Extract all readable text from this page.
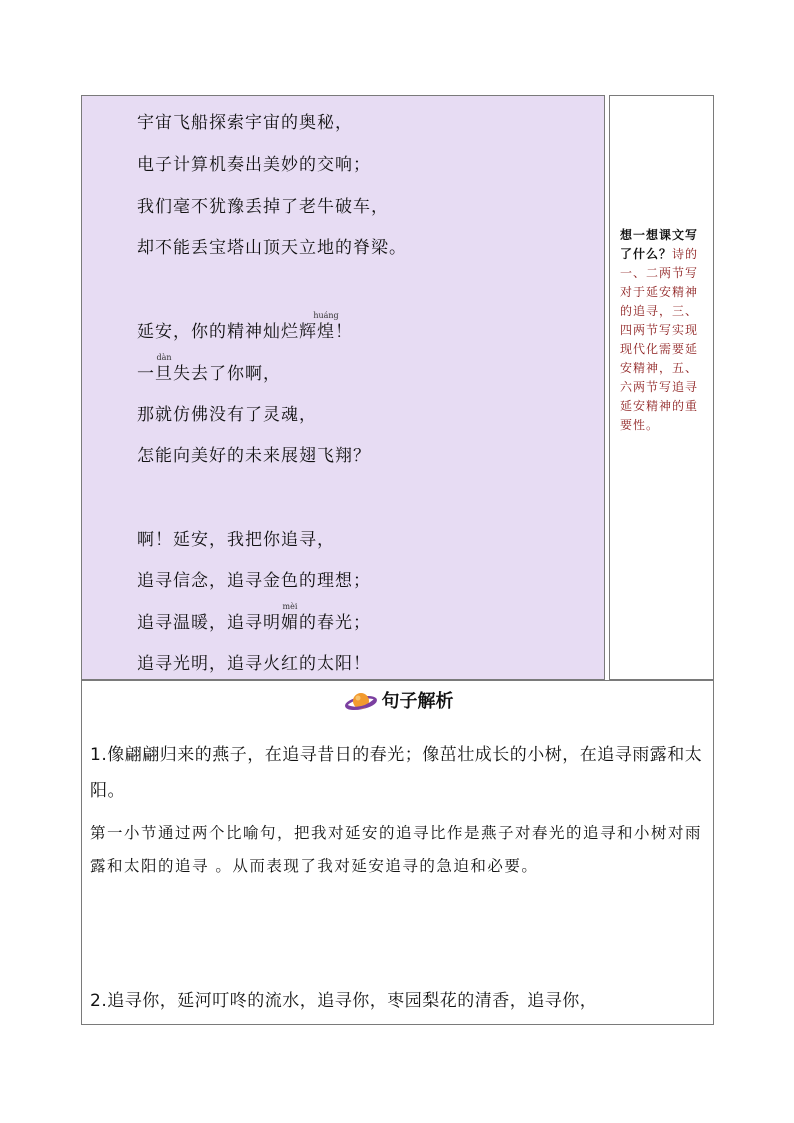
宇宙飞船探索宇宙的奥秘，
电子计算机奏出美妙的交响；
我们毫不犹豫丢掉了老牛破车，
却不能丢宝塔山顶天立地的脊梁。
延安，你的精神灿烂辉
huáng
煌！
一
dàn
旦失去了你啊，
那就仿佛没有了灵魂，
怎能向美好的未来展翅飞翔？
啊！延安，我把你追寻，
追寻信念，追寻金色的理想；
追寻温暖，追寻明
mèi
媚的春光；
追寻光明，追寻火红的太阳！
想一想课文写了什么？诗的一、二两节写对于延安精神的追寻，三、四两节写实现现代化需要延安精神，五、六两节写追寻延安精神的重要性。
句子解析
1.像翩翩归来的燕子，在追寻昔日的春光；像茁壮成长的小树，在追寻雨露和太阳。
第一小节通过两个比喻句，把我对延安的追寻比作是燕子对春光的追寻和小树对雨露和太阳的追寻 。从而表现了我对延安追寻的急迫和必要。
2.追寻你，延河叮咚的流水，追寻你，枣园梨花的清香，追寻你，
